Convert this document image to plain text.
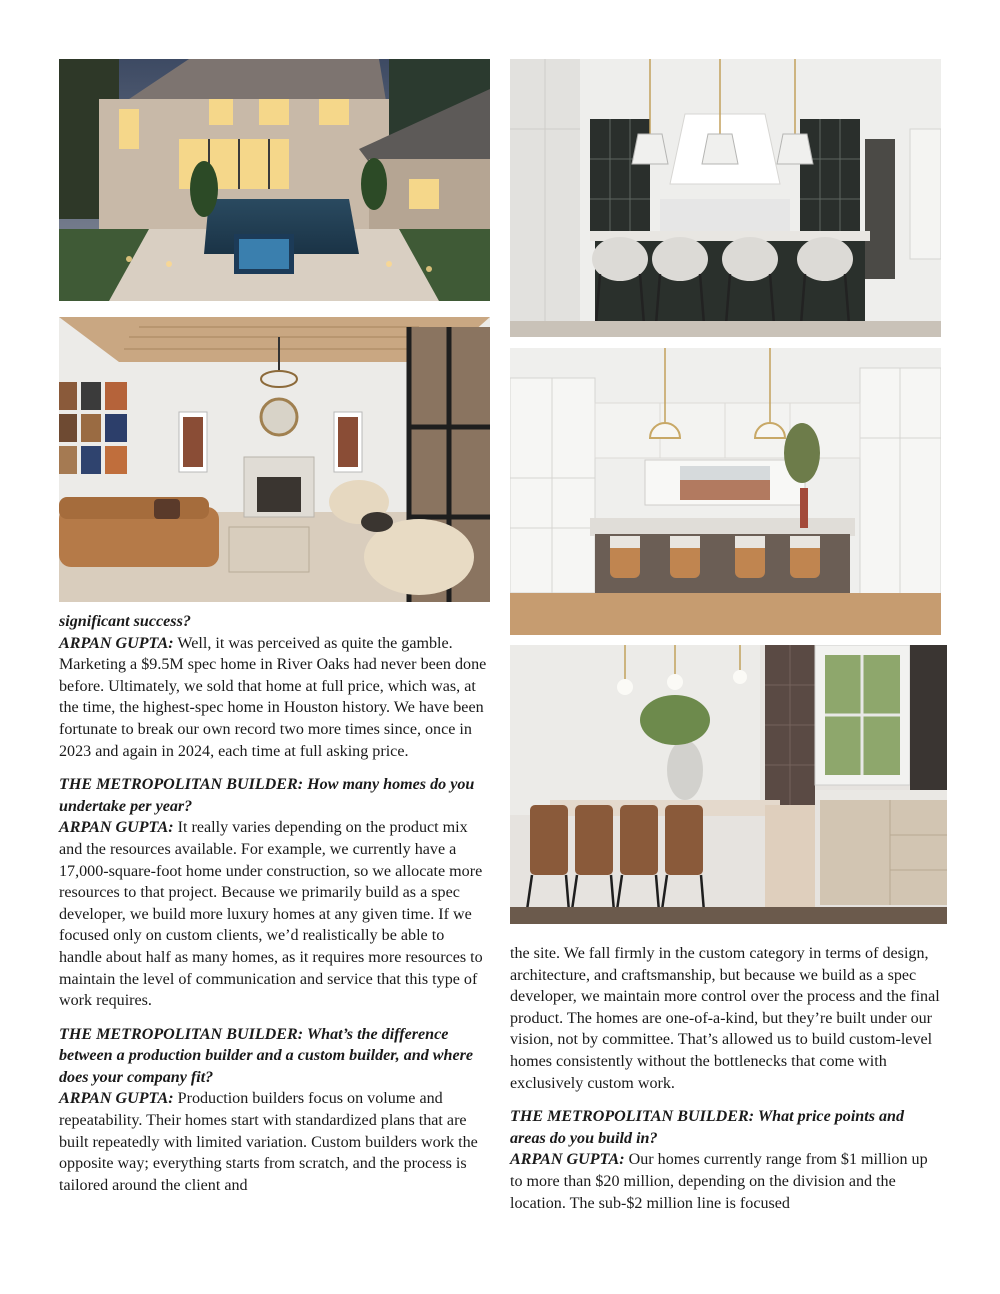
significant success?
ARPAN GUPTA: Well, it was perceived as quite the gamble. Marketing a $9.5M spec home in River Oaks had never been done before. Ultimately, we sold that home at full price, which was, at the time, the highest-spec home in Houston history. We have been fortunate to break our own record two more times since, once in 2023 and again in 2024, each time at full asking price.

THE METROPOLITAN BUILDER: How many homes do you undertake per year?
ARPAN GUPTA: It really varies depending on the product mix and the resources available. For example, we currently have a 17,000-square-foot home under construction, so we allocate more resources to that project. Because we primarily build as a spec developer, we build more luxury homes at any given time. If we focused only on custom clients, we’d realistically be able to handle about half as many homes, as it requires more resources to maintain the level of communication and service that this type of work requires.

THE METROPOLITAN BUILDER: What’s the difference between a production builder and a custom builder, and where does your company fit?
ARPAN GUPTA: Production builders focus on volume and repeatability. Their homes start with standardized plans that are built repeatedly with limited variation. Custom builders work the opposite way; everything starts from scratch, and the process is tailored around the client and

the site. We fall firmly in the custom category in terms of design, architecture, and craftsmanship, but because we build as a spec developer, we maintain more control over the process and the final product. The homes are one-of-a-kind, but they’re built under our vision, not by committee. That’s allowed us to build custom-level homes consistently without the bottlenecks that come with exclusively custom work.

THE METROPOLITAN BUILDER: What price points and areas do you build in?
ARPAN GUPTA: Our homes currently range from $1 million up to more than $20 million, depending on the division and the location. The sub-$2 million line is focused
